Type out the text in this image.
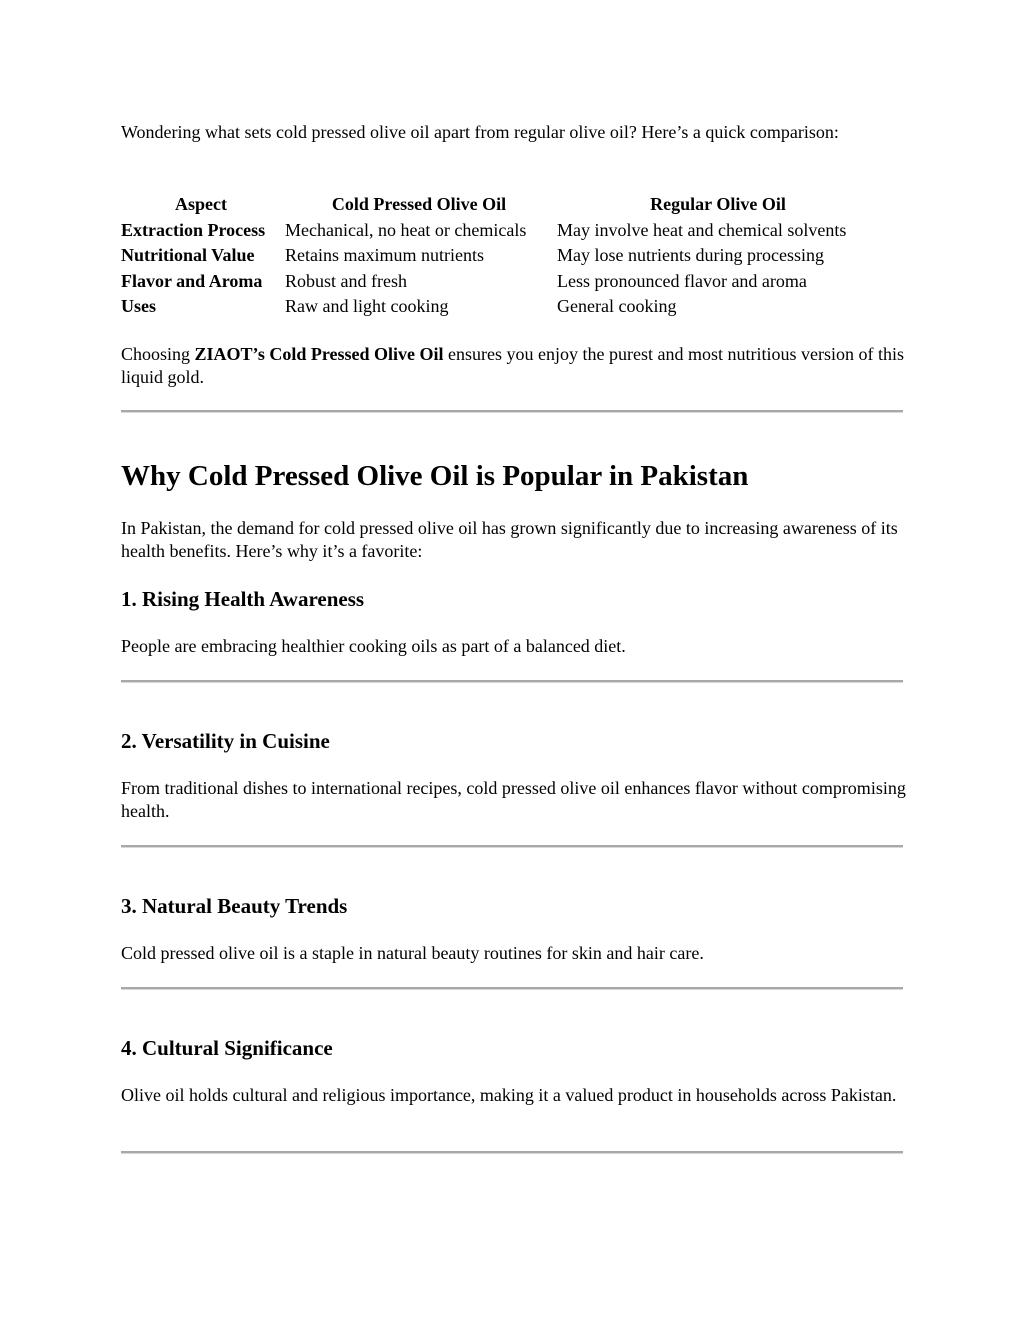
Wondering what sets cold pressed olive oil apart from regular olive oil? Here’s a quick comparison:

Aspect	Cold Pressed Olive Oil	Regular Olive Oil
Extraction Process	Mechanical, no heat or chemicals	May involve heat and chemical solvents
Nutritional Value	Retains maximum nutrients	May lose nutrients during processing
Flavor and Aroma	Robust and fresh	Less pronounced flavor and aroma
Uses	Raw and light cooking	General cooking

Choosing ZIAOT’s Cold Pressed Olive Oil ensures you enjoy the purest and most nutritious version of this liquid gold.

Why Cold Pressed Olive Oil is Popular in Pakistan

In Pakistan, the demand for cold pressed olive oil has grown significantly due to increasing awareness of its health benefits. Here’s why it’s a favorite:

1. Rising Health Awareness

People are embracing healthier cooking oils as part of a balanced diet.

2. Versatility in Cuisine

From traditional dishes to international recipes, cold pressed olive oil enhances flavor without compromising health.

3. Natural Beauty Trends

Cold pressed olive oil is a staple in natural beauty routines for skin and hair care.

4. Cultural Significance

Olive oil holds cultural and religious importance, making it a valued product in households across Pakistan.
